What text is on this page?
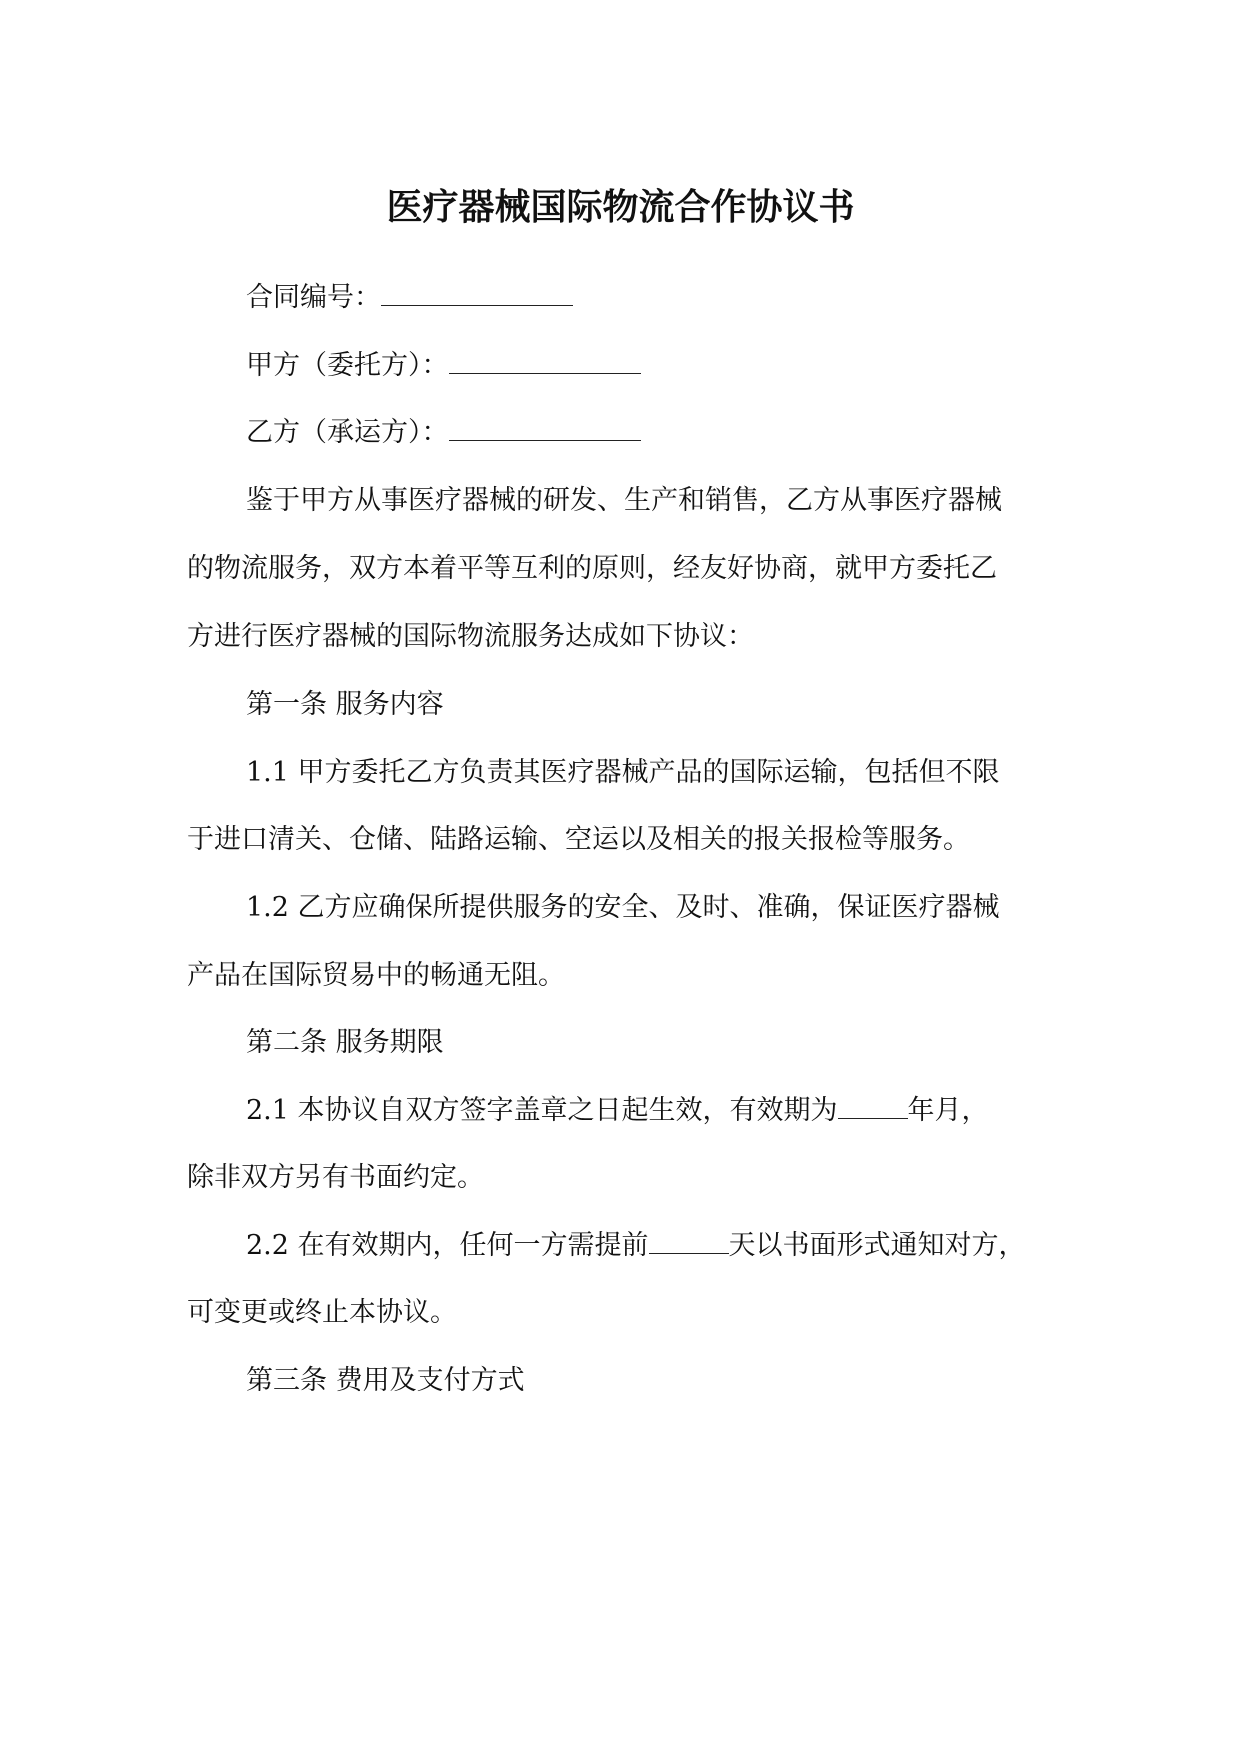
医疗器械国际物流合作协议书
合同编号：
甲方（委托方）：
乙方（承运方）：
鉴于甲方从事医疗器械的研发、生产和销售，乙方从事医疗器械
的物流服务，双方本着平等互利的原则，经友好协商，就甲方委托乙
方进行医疗器械的国际物流服务达成如下协议：
第一条 服务内容
1.1 甲方委托乙方负责其医疗器械产品的国际运输，包括但不限
于进口清关、仓储、陆路运输、空运以及相关的报关报检等服务。
1.2 乙方应确保所提供服务的安全、及时、准确，保证医疗器械
产品在国际贸易中的畅通无阻。
第二条 服务期限
2.1 本协议自双方签字盖章之日起生效，有效期为	年月，
除非双方另有书面约定。
2.2 在有效期内，任何一方需提前	天以书面形式通知对方，
可变更或终止本协议。
第三条 费用及支付方式
